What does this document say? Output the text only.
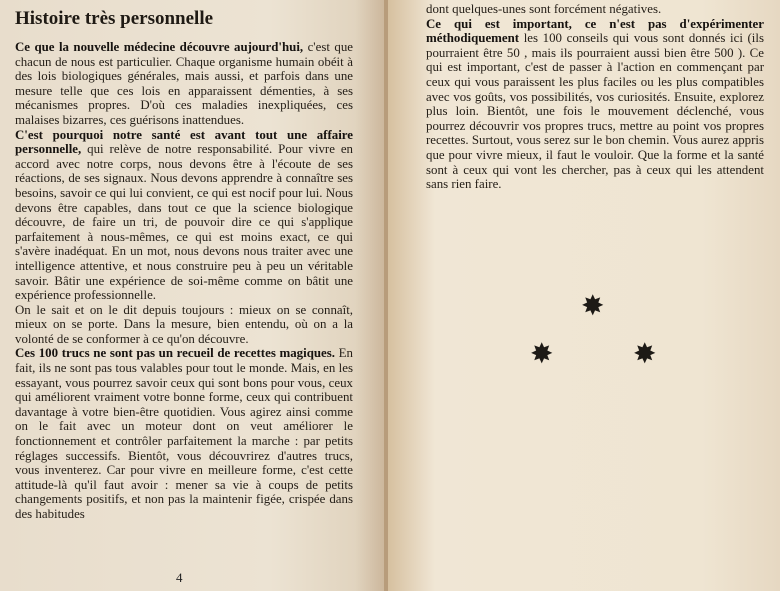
Histoire très personnelle

Ce que la nouvelle médecine découvre aujourd'hui, c'est que chacun de nous est particulier. Chaque organisme humain obéit à des lois biologiques générales, mais aussi, et parfois dans une mesure telle que ces lois en apparaissent démenties, à ses mécanismes propres. D'où ces maladies inexpliquées, ces malaises bizarres, ces guérisons inattendues.

C'est pourquoi notre santé est avant tout une affaire personnelle, qui relève de notre responsabilité. Pour vivre en accord avec notre corps, nous devons être à l'écoute de ses réactions, de ses signaux. Nous devons apprendre à connaître ses besoins, savoir ce qui lui convient, ce qui est nocif pour lui. Nous devons être capables, dans tout ce que la science biologique découvre, de faire un tri, de pouvoir dire ce qui s'applique parfaitement à nous-mêmes, ce qui est moins exact, ce qui s'avère inadéquat. En un mot, nous devons nous traiter avec une intelligence attentive, et nous construire peu à peu un véritable savoir. Bâtir une expérience de soi-même comme on bâtit une expérience professionnelle.

On le sait et on le dit depuis toujours : mieux on se connaît, mieux on se porte. Dans la mesure, bien entendu, où on a la volonté de se conformer à ce qu'on découvre.

Ces 100 trucs ne sont pas un recueil de recettes magiques. En fait, ils ne sont pas tous valables pour tout le monde. Mais, en les essayant, vous pourrez savoir ceux qui sont bons pour vous, ceux qui améliorent vraiment votre bonne forme, ceux qui contribuent davantage à votre bien-être quotidien. Vous agirez ainsi comme on le fait avec un moteur dont on veut améliorer le fonctionnement et contrôler parfaitement la marche : par petits réglages successifs. Bientôt, vous découvrirez d'autres trucs, vous inventerez. Car pour vivre en meilleure forme, c'est cette attitude-là qu'il faut avoir : mener sa vie à coups de petits changements positifs, et non pas la maintenir figée, crispée dans des habitudes

4

dont quelques-unes sont forcément négatives.

Ce qui est important, ce n'est pas d'expérimenter méthodiquement les 100 conseils qui vous sont donnés ici (ils pourraient être 50 , mais ils pourraient aussi bien être 500 ). Ce qui est important, c'est de passer à l'action en commençant par ceux qui vous paraissent les plus faciles ou les plus compatibles avec vos goûts, vos possibilités, vos curiosités. Ensuite, explorez plus loin. Bientôt, une fois le mouvement déclenché, vous pourrez découvrir vos propres trucs, mettre au point vos propres recettes. Surtout, vous serez sur le bon chemin. Vous aurez appris que pour vivre mieux, il faut le vouloir. Que la forme et la santé sont à ceux qui vont les chercher, pas à ceux qui les attendent sans rien faire.

✸
✸	✸
